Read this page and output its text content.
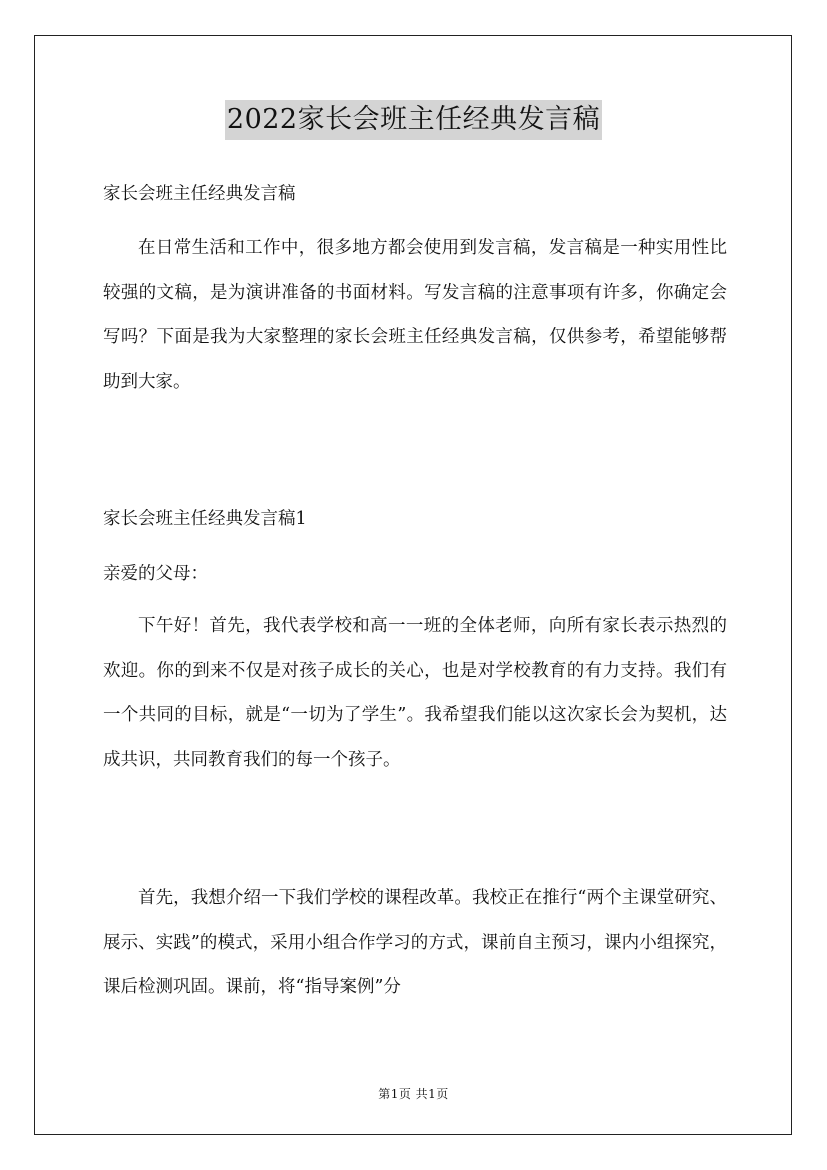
2022家长会班主任经典发言稿

家长会班主任经典发言稿

在日常生活和工作中，很多地方都会使用到发言稿，发言稿是一种实用性比较强的文稿，是为演讲准备的书面材料。写发言稿的注意事项有许多，你确定会写吗？下面是我为大家整理的家长会班主任经典发言稿，仅供参考，希望能够帮助到大家。

家长会班主任经典发言稿1

亲爱的父母：

下午好！首先，我代表学校和高一一班的全体老师，向所有家长表示热烈的欢迎。你的到来不仅是对孩子成长的关心，也是对学校教育的有力支持。我们有一个共同的目标，就是“一切为了学生”。我希望我们能以这次家长会为契机，达成共识，共同教育我们的每一个孩子。

首先，我想介绍一下我们学校的课程改革。我校正在推行“两个主课堂研究、展示、实践”的模式，采用小组合作学习的方式，课前自主预习，课内小组探究，课后检测巩固。课前，将“指导案例”分

第1页 共1页
